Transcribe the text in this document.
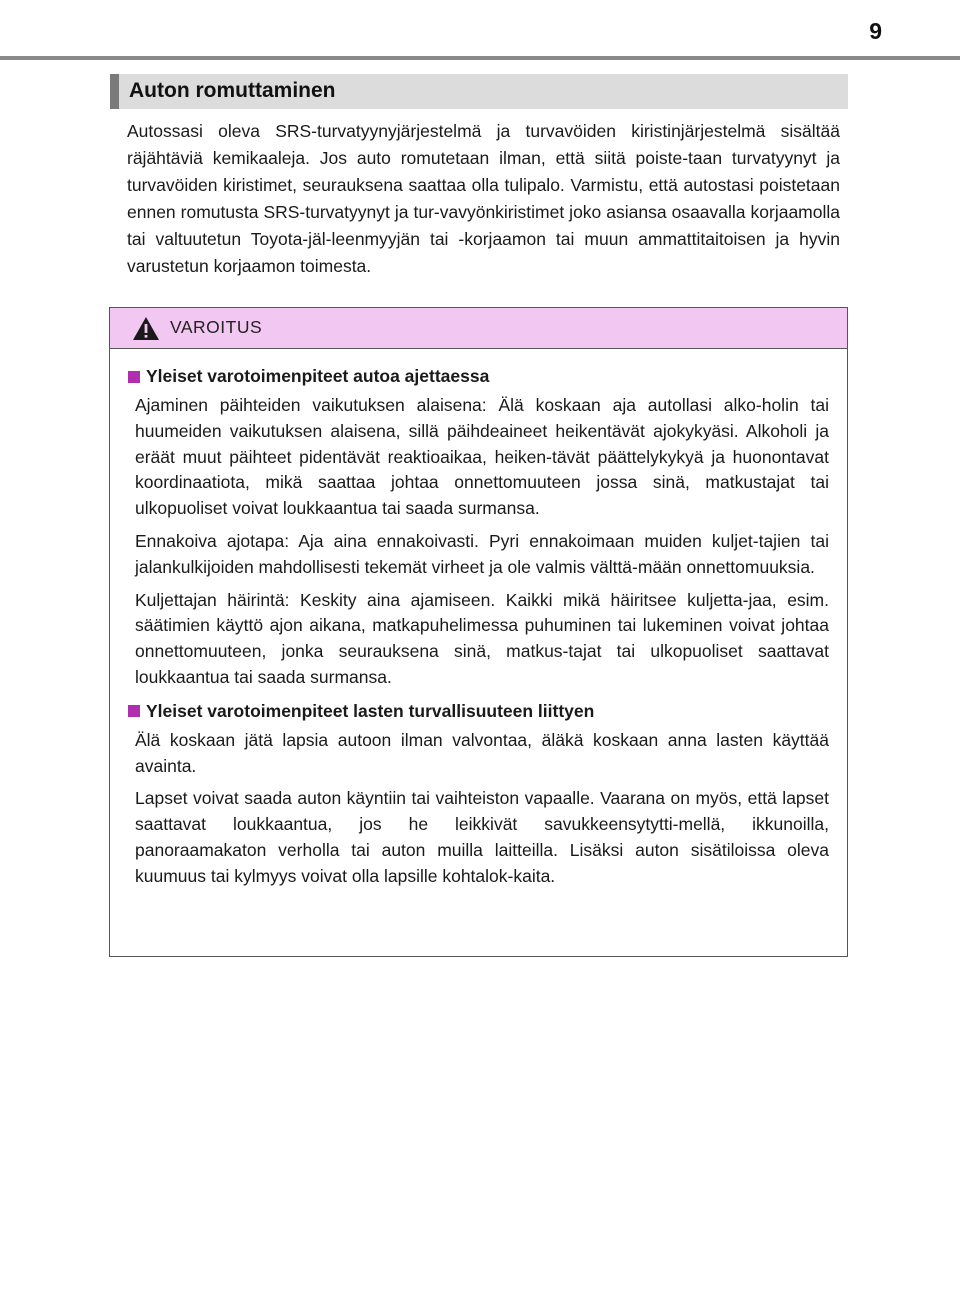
9
Auton romuttaminen

Autossasi oleva SRS-turvatyynyjärjestelmä ja turvavöiden kiristinjärjestelmä sisältää räjähtäviä kemikaaleja. Jos auto romutetaan ilman, että siitä poiste-taan turvatyynyt ja turvavöiden kiristimet, seurauksena saattaa olla tulipalo. Varmistu, että autostasi poistetaan ennen romutusta SRS-turvatyynyt ja tur-vavyönkiristimet joko asiansa osaavalla korjaamolla tai valtuutetun Toyota-jäl-leenmyyjän tai -korjaamon tai muun ammattitaitoisen ja hyvin varustetun korjaamon toimesta.

VAROITUS

Yleiset varotoimenpiteet autoa ajettaessa

Ajaminen päihteiden vaikutuksen alaisena: Älä koskaan aja autollasi alko-holin tai huumeiden vaikutuksen alaisena, sillä päihdeaineet heikentävät ajokykyäsi. Alkoholi ja eräät muut päihteet pidentävät reaktioaikaa, heiken-tävät päättelykykyä ja huonontavat koordinaatiota, mikä saattaa johtaa onnettomuuteen jossa sinä, matkustajat tai ulkopuoliset voivat loukkaantua tai saada surmansa.

Ennakoiva ajotapa: Aja aina ennakoivasti. Pyri ennakoimaan muiden kuljet-tajien tai jalankulkijoiden mahdollisesti tekemät virheet ja ole valmis välttä-mään onnettomuuksia.

Kuljettajan häirintä: Keskity aina ajamiseen. Kaikki mikä häiritsee kuljetta-jaa, esim. säätimien käyttö ajon aikana, matkapuhelimessa puhuminen tai lukeminen voivat johtaa onnettomuuteen, jonka seurauksena sinä, matkus-tajat tai ulkopuoliset saattavat loukkaantua tai saada surmansa.

Yleiset varotoimenpiteet lasten turvallisuuteen liittyen

Älä koskaan jätä lapsia autoon ilman valvontaa, äläkä koskaan anna lasten käyttää avainta.

Lapset voivat saada auton käyntiin tai vaihteiston vapaalle. Vaarana on myös, että lapset saattavat loukkaantua, jos he leikkivät savukkeensytytti-mellä, ikkunoilla, panoraamakaton verholla tai auton muilla laitteilla. Lisäksi auton sisätiloissa oleva kuumuus tai kylmyys voivat olla lapsille kohtalok-kaita.
